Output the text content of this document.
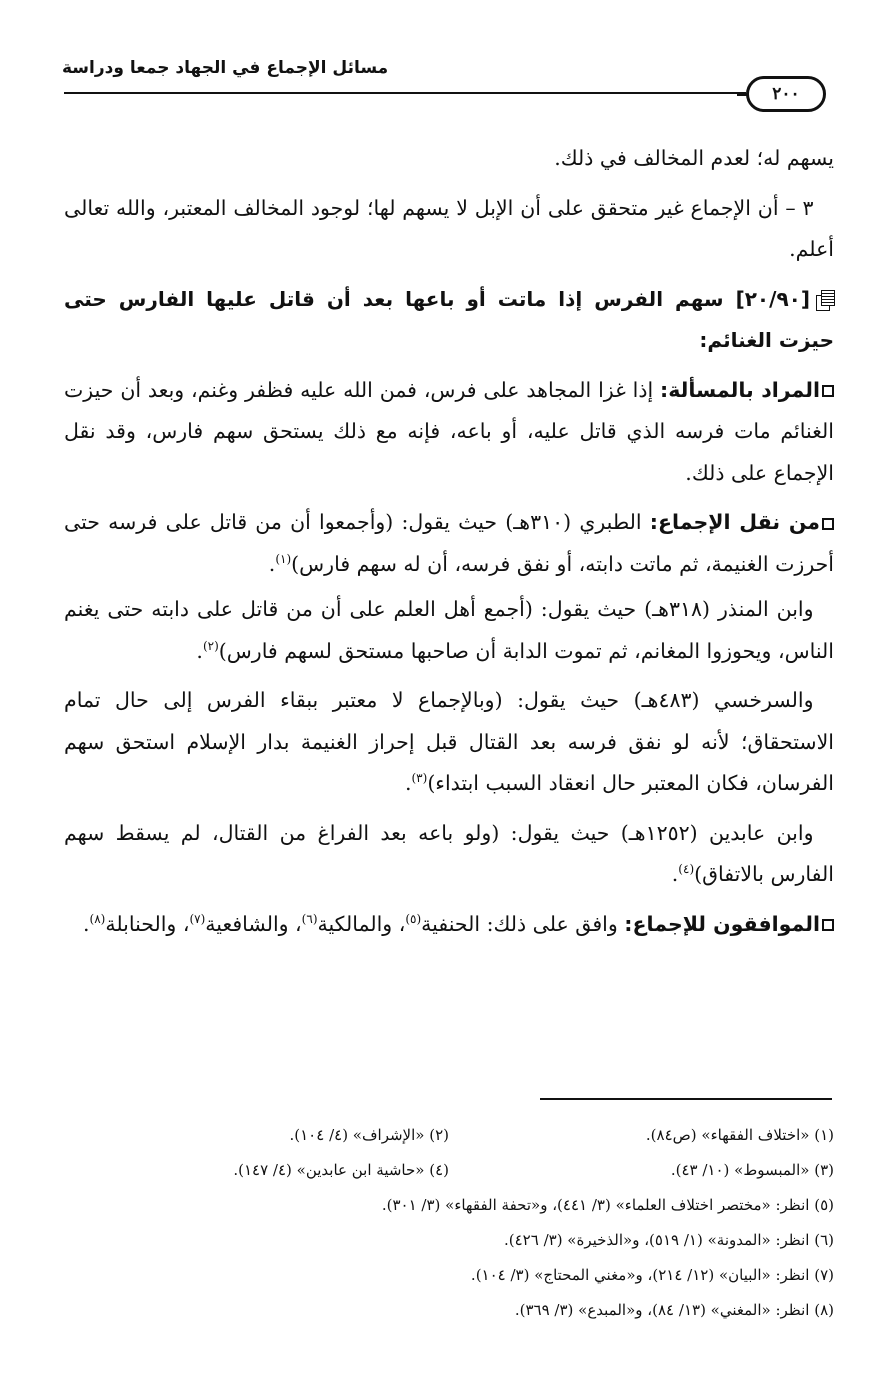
٢٠٠
مسائل الإجماع في الجهاد جمعا ودراسة

يسهم له؛ لعدم المخالف في ذلك.

 ٣ – أن الإجماع غير متحقق على أن الإبل لا يسهم لها؛ لوجود المخالف المعتبر، والله تعالى أعلم.

[٢٠/٩٠] سهم الفرس إذا ماتت أو باعها بعد أن قاتل عليها الفارس حتى حيزت الغنائم:

المراد بالمسألة: إذا غزا المجاهد على فرس، فمن الله عليه فظفر وغنم، وبعد أن حيزت الغنائم مات فرسه الذي قاتل عليه، أو باعه، فإنه مع ذلك يستحق سهم فارس، وقد نقل الإجماع على ذلك.

من نقل الإجماع: الطبري (٣١٠هـ) حيث يقول: (وأجمعوا أن من قاتل على فرسه حتى أحرزت الغنيمة، ثم ماتت دابته، أو نفق فرسه، أن له سهم فارس)$^{(١)}$.

 وابن المنذر (٣١٨هـ) حيث يقول: (أجمع أهل العلم على أن من قاتل على دابته حتى يغنم الناس، ويحوزوا المغانم، ثم تموت الدابة أن صاحبها مستحق لسهم فارس)$^{(٢)}$.

 والسرخسي (٤٨٣هـ) حيث يقول: (وبالإجماع لا معتبر ببقاء الفرس إلى حال تمام الاستحقاق؛ لأنه لو نفق فرسه بعد القتال قبل إحراز الغنيمة بدار الإسلام استحق سهم الفرسان، فكان المعتبر حال انعقاد السبب ابتداء)$^{(٣)}$.

 وابن عابدين (١٢٥٢هـ) حيث يقول: (ولو باعه بعد الفراغ من القتال، لم يسقط سهم الفارس بالاتفاق)$^{(٤)}$.

الموافقون للإجماع: وافق على ذلك: الحنفية$^{(٥)}$، والمالكية$^{(٦)}$، والشافعية$^{(٧)}$، والحنابلة$^{(٨)}$.

(١) «اختلاف الفقهاء» (ص٨٤).
(٢) «الإشراف» (٤/ ١٠٤).
(٣) «المبسوط» (١٠/ ٤٣).
(٤) «حاشية ابن عابدين» (٤/ ١٤٧).
(٥) انظر: «مختصر اختلاف العلماء» (٣/ ٤٤١)، و«تحفة الفقهاء» (٣/ ٣٠١).
(٦) انظر: «المدونة» (١/ ٥١٩)، و«الذخيرة» (٣/ ٤٢٦).
(٧) انظر: «البيان» (١٢/ ٢١٤)، و«مغني المحتاج» (٣/ ١٠٤).
(٨) انظر: «المغني» (١٣/ ٨٤)، و«المبدع» (٣/ ٣٦٩).
